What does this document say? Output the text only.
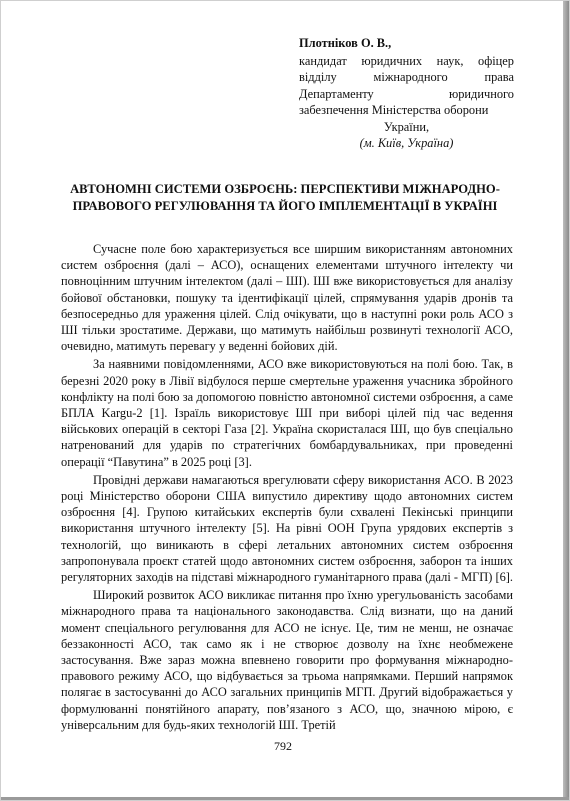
Плотніков О. В.,
кандидат юридичних наук, офіцер відділу міжнародного права Департаменту юридичного забезпечення Міністерства оборони
України,
(м. Київ, Україна)
АВТОНОМНІ СИСТЕМИ ОЗБРОЄНЬ: ПЕРСПЕКТИВИ МІЖНАРОДНО-ПРАВОВОГО РЕГУЛЮВАННЯ ТА ЙОГО ІМПЛЕМЕНТАЦІЇ В УКРАЇНІ

Сучасне поле бою характеризується все ширшим використанням автономних систем озброєння (далі – АСО), оснащених елементами штучного інтелекту чи повноцінним штучним інтелектом (далі – ШІ). ШІ вже використовується для аналізу бойової обстановки, пошуку та ідентифікації цілей, спрямування ударів дронів та безпосередньо для ураження цілей. Слід очікувати, що в наступні роки роль АСО з ШІ тільки зростатиме. Держави, що матимуть найбільш розвинуті технології АСО, очевидно, матимуть перевагу у веденні бойових дій.

За наявними повідомленнями, АСО вже використовуються на полі бою. Так, в березні 2020 року в Лівії відбулося перше смертельне ураження учасника збройного конфлікту на полі бою за допомогою повністю автономної системи озброєння, а саме БПЛА Kargu-2 [1]. Ізраїль використовує ШІ при виборі цілей під час ведення військових операцій в секторі Газа [2]. Україна скористалася ШІ, що був спеціально натренований для ударів по стратегічних бомбардувальниках, при проведенні операції “Павутина” в 2025 році [3].

Провідні держави намагаються врегулювати сферу використання АСО. В 2023 році Міністерство оборони США випустило директиву щодо автономних систем озброєння [4]. Групою китайських експертів були схвалені Пекінські принципи використання штучного інтелекту [5]. На рівні ООН Група урядових експертів з технологій, що виникають в сфері летальних автономних систем озброєння запропонувала проєкт статей щодо автономних систем озброєння, заборон та інших регуляторних заходів на підставі міжнародного гуманітарного права (далі - МГП) [6].

Широкий розвиток АСО викликає питання про їхню урегульованість засобами міжнародного права та національного законодавства. Слід визнати, що на даний момент спеціального регулювання для АСО не існує. Це, тим не менш, не означає беззаконності АСО, так само як і не створює дозволу на їхнє необмежене застосування. Вже зараз можна впевнено говорити про формування міжнародно-правового режиму АСО, що відбувається за трьома напрямками. Перший напрямок полягає в застосуванні до АСО загальних принципів МГП. Другий відображається у формулюванні понятійного апарату, пов’язаного з АСО, що, значною мірою, є універсальним для будь-яких технологій ШІ. Третій

792
